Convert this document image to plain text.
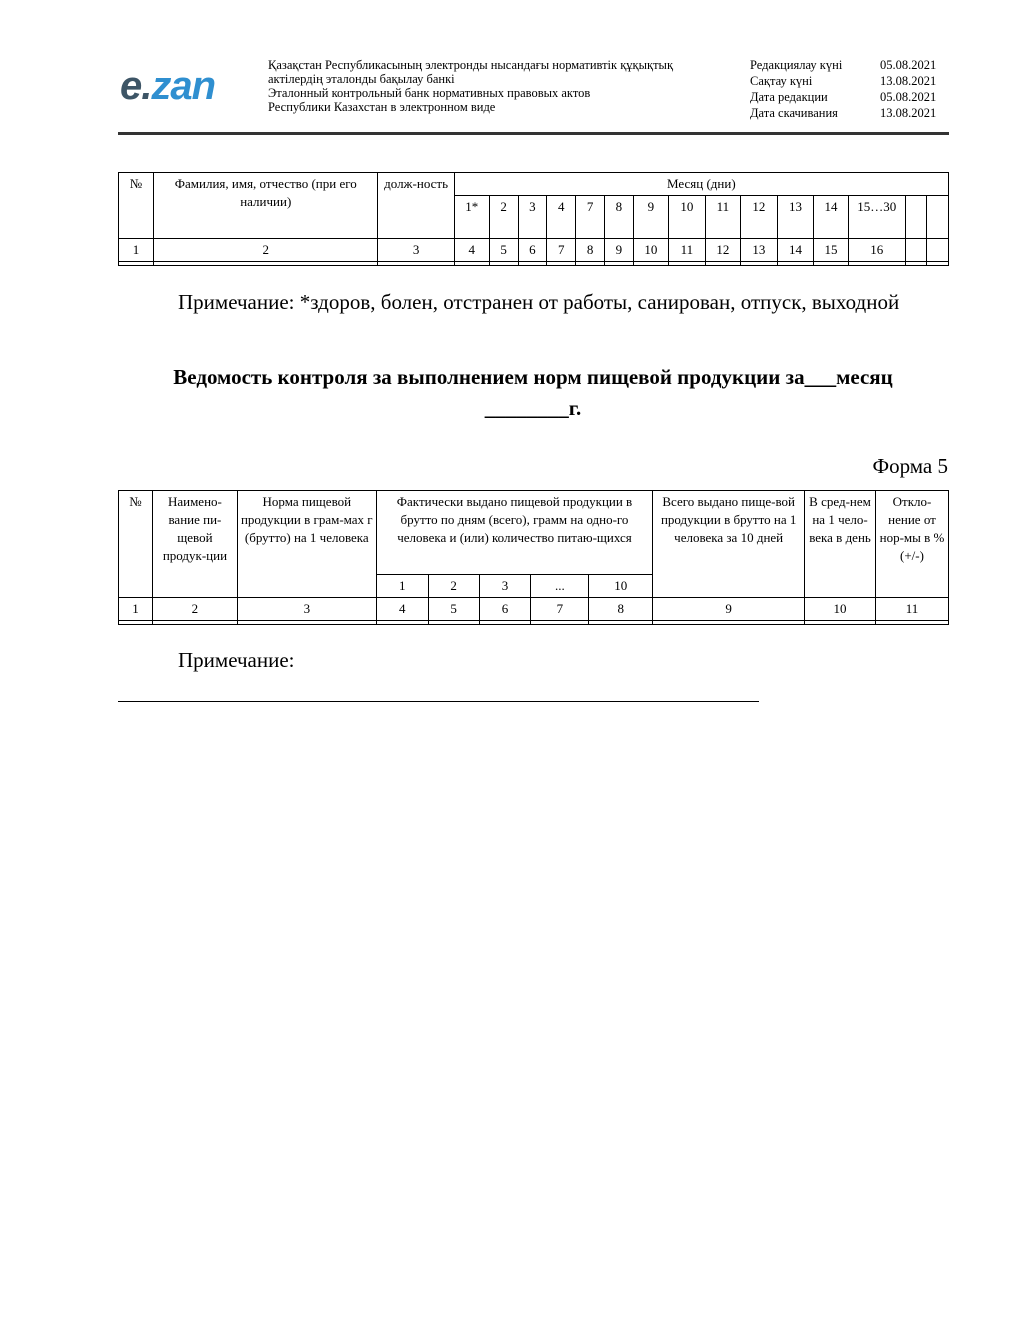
e.zan	Қазақстан Республикасының электронды нысандағы нормативтік құқықтық
актілердің эталонды бақылау банкі
Эталонный контрольный банк нормативных правовых актов
Республики Казахстан в электронном виде
Редакциялау күні	05.08.2021
Сақтау күні	13.08.2021
Дата редакции	05.08.2021
Дата скачивания	13.08.2021
№	Фамилия, имя, отчество (при его наличии)	долж-ность	Месяц (дни)														
			1*	2	3	4	7	8	9	10	11	12	13	14	15…30		
1	2	3	4	5	6	7	8	9	10	11	12	13	14	15	16		

Примечание: *здоров, болен, отстранен от работы, санирован, отпуск, выходной
Ведомость контроля за выполнением норм пищевой продукции за___месяц
________г.
Форма 5
№	Наимено-вание пи-щевой продук-ции	Норма пищевой продукции в грам-мах г (брутто) на 1 человека	Фактически выдано пищевой продукции в брутто по дням (всего), грамм на одно-го человека и (или) количество питаю-щихся					Всего выдано пище-вой продукции в брутто на 1 человека за 10 дней	В сред-нем на 1 чело-века в день	Откло-нение от нор-мы в % (+/-)
			1	2	3	...	10			
1	2	3	4	5	6	7	8	9	10	11

Примечание:
